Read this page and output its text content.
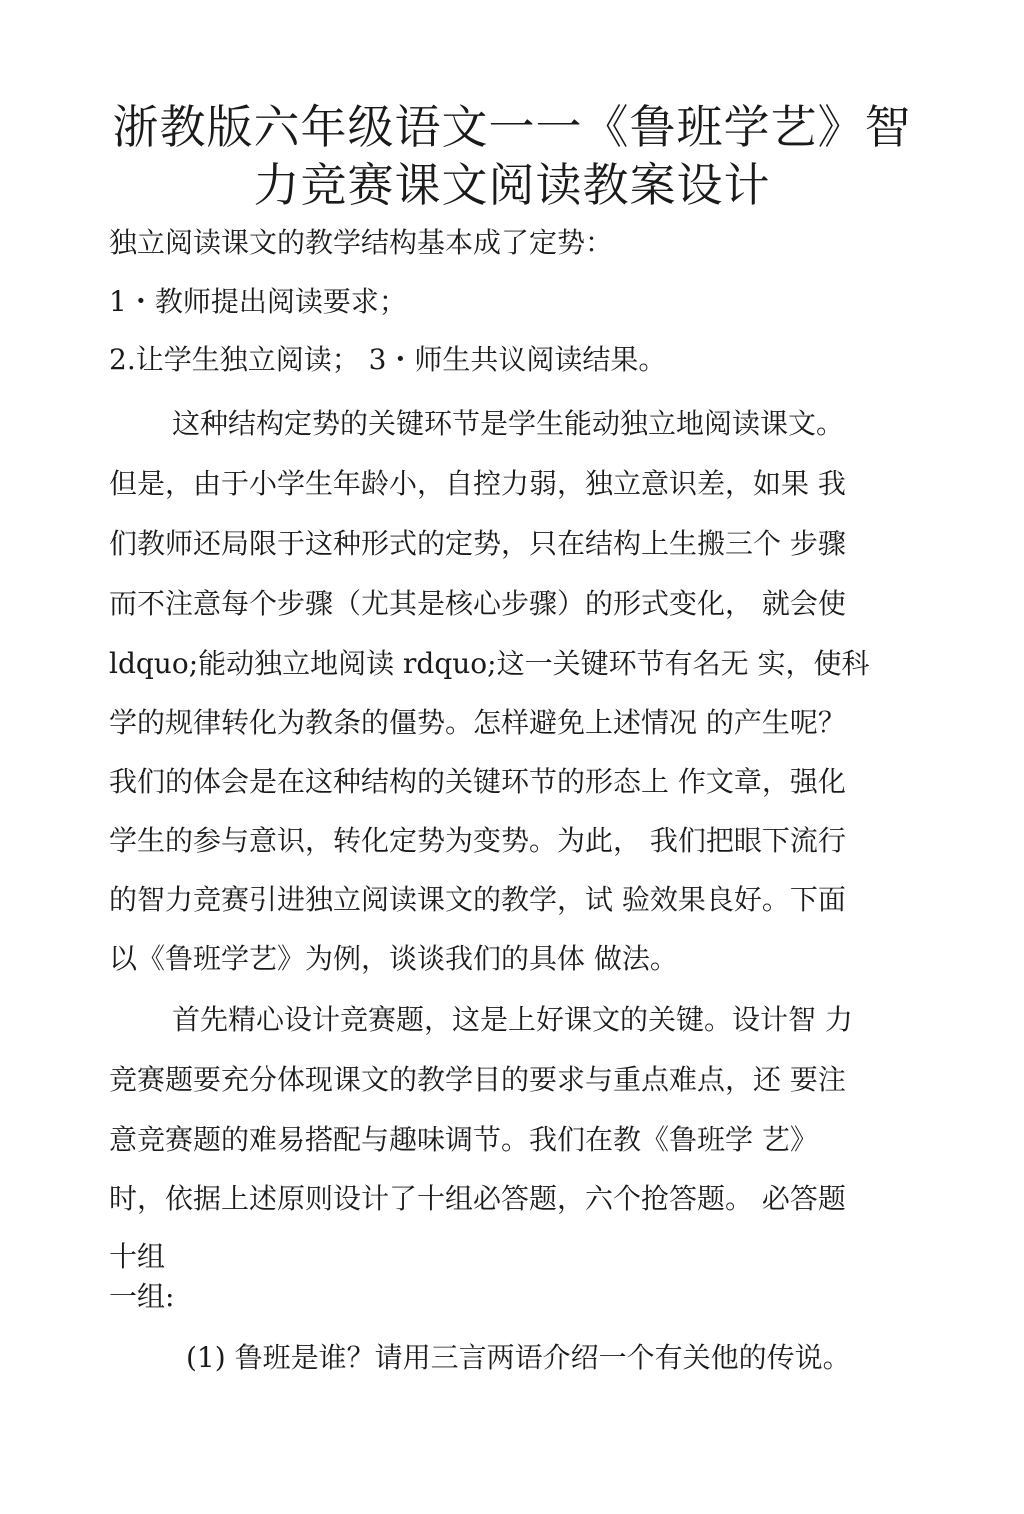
浙教版六年级语文一一《鲁班学艺》智
力竞赛课文阅读教案设计

独立阅读课文的教学结构基本成了定势：

1・教师提出阅读要求；

2.让学生独立阅读； 3・师生共议阅读结果。

这种结构定势的关键环节是学生能动独立地阅读课文。

但是，由于小学生年龄小，自控力弱，独立意识差，如果 我

们教师还局限于这种形式的定势，只在结构上生搬三个 步骤

而不注意每个步骤（尤其是核心步骤）的形式变化， 就会使

ldquo;能动独立地阅读 rdquo;这一关键环节有名无 实，使科

学的规律转化为教条的僵势。怎样避免上述情况 的产生呢？

我们的体会是在这种结构的关键环节的形态上 作文章，强化

学生的参与意识，转化定势为变势。为此， 我们把眼下流行

的智力竞赛引进独立阅读课文的教学，试 验效果良好。下面

以《鲁班学艺》为例，谈谈我们的具体 做法。

首先精心设计竞赛题，这是上好课文的关键。设计智 力

竞赛题要充分体现课文的教学目的要求与重点难点，还 要注

意竞赛题的难易搭配与趣味调节。我们在教《鲁班学 艺》

时，依据上述原则设计了十组必答题，六个抢答题。 必答题

十组

一组:

(1) 鲁班是谁？请用三言两语介绍一个有关他的传说。
